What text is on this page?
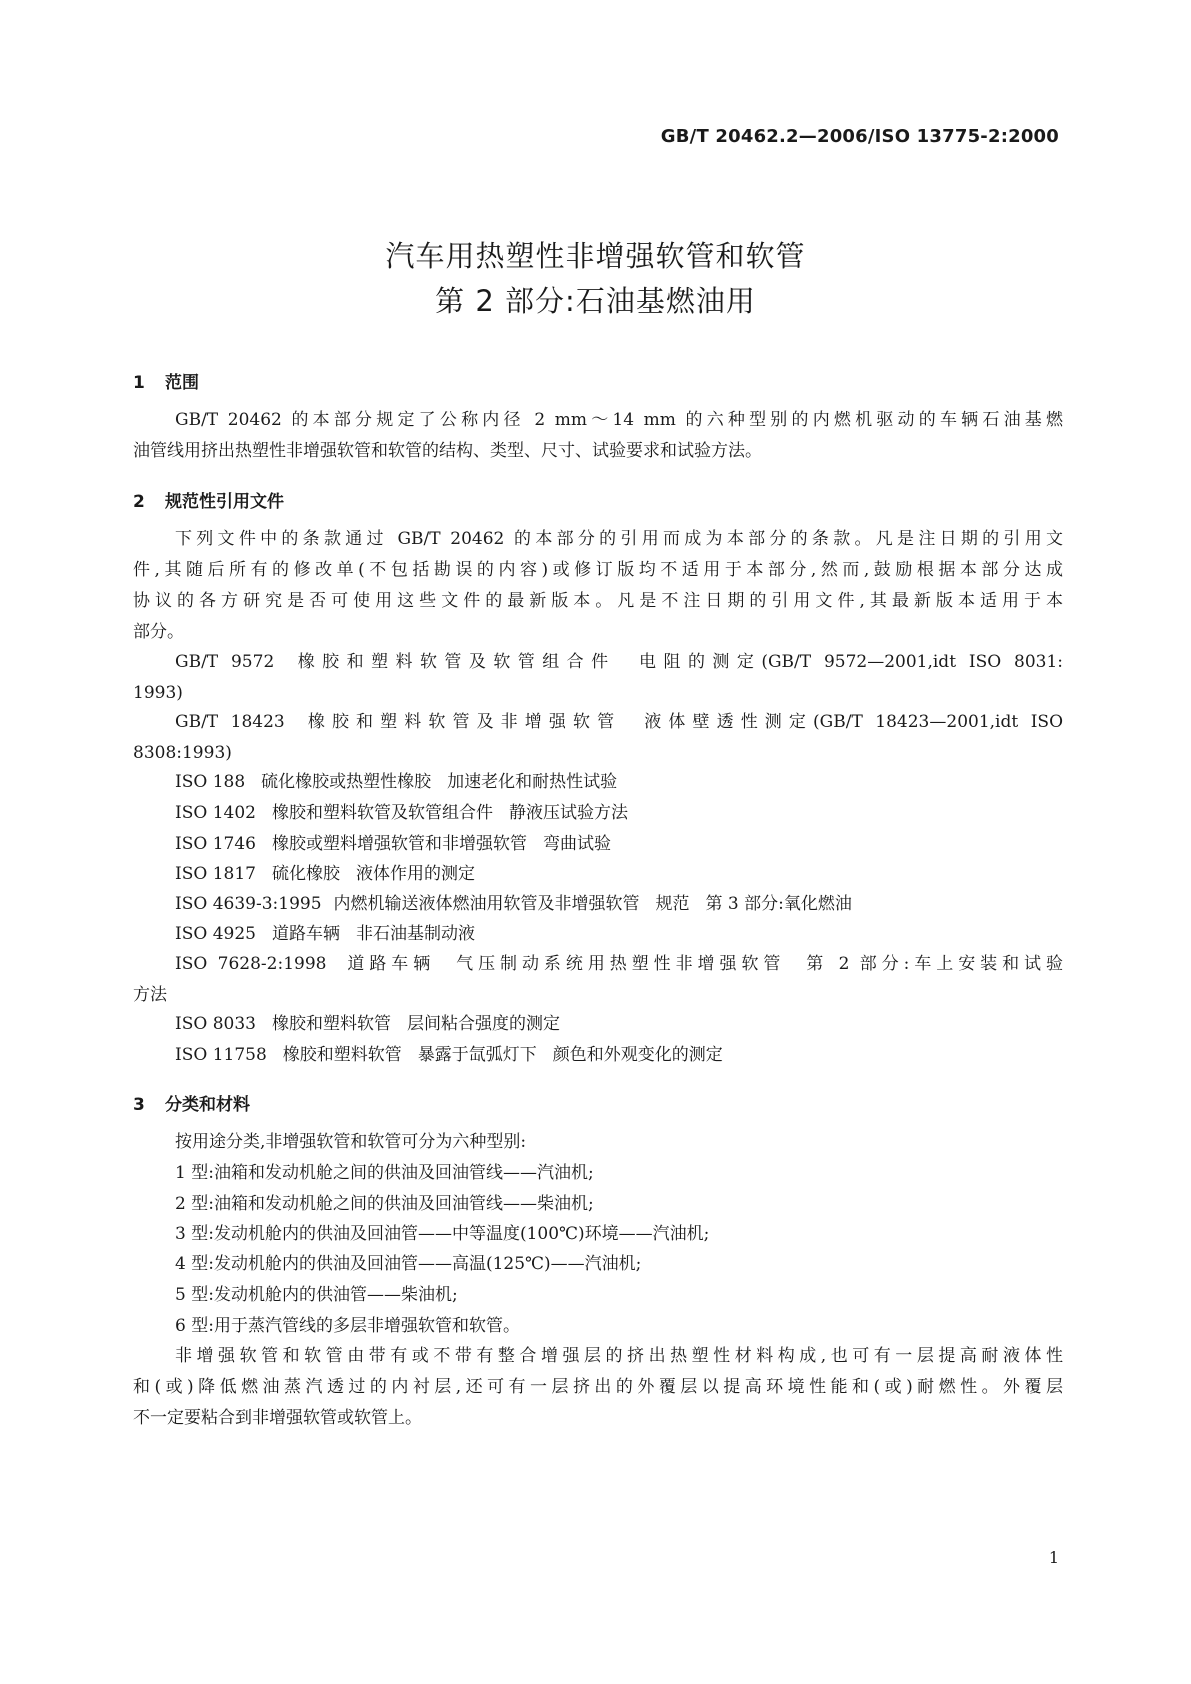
GB/T 20462.2—2006/ISO 13775-2:2000
汽车用热塑性非增强软管和软管
第 2 部分:石油基燃油用
1 范围
GB/T 20462 的本部分规定了公称内径 2 mm～14 mm 的六种型别的内燃机驱动的车辆石油基燃
油管线用挤出热塑性非增强软管和软管的结构、类型、尺寸、试验要求和试验方法。
2 规范性引用文件
下列文件中的条款通过 GB/T 20462 的本部分的引用而成为本部分的条款。凡是注日期的引用文
件,其随后所有的修改单(不包括勘误的内容)或修订版均不适用于本部分,然而,鼓励根据本部分达成
协议的各方研究是否可使用这些文件的最新版本。凡是不注日期的引用文件,其最新版本适用于本
部分。
GB/T 9572 橡胶和塑料软管及软管组合件 电阻的测定(GB/T 9572—2001,idt ISO 8031:
1993)
GB/T 18423 橡胶和塑料软管及非增强软管 液体壁透性测定(GB/T 18423—2001,idt ISO
8308:1993)
ISO 188 硫化橡胶或热塑性橡胶 加速老化和耐热性试验
ISO 1402 橡胶和塑料软管及软管组合件 静液压试验方法
ISO 1746 橡胶或塑料增强软管和非增强软管 弯曲试验
ISO 1817 硫化橡胶 液体作用的测定
ISO 4639-3:1995 内燃机输送液体燃油用软管及非增强软管 规范 第 3 部分:氧化燃油
ISO 4925 道路车辆 非石油基制动液
ISO 7628-2:1998 道路车辆 气压制动系统用热塑性非增强软管 第 2 部分:车上安装和试验
方法
ISO 8033 橡胶和塑料软管 层间粘合强度的测定
ISO 11758 橡胶和塑料软管 暴露于氙弧灯下 颜色和外观变化的测定
3 分类和材料
按用途分类,非增强软管和软管可分为六种型别:
1 型:油箱和发动机舱之间的供油及回油管线——汽油机;
2 型:油箱和发动机舱之间的供油及回油管线——柴油机;
3 型:发动机舱内的供油及回油管——中等温度(100℃)环境——汽油机;
4 型:发动机舱内的供油及回油管——高温(125℃)——汽油机;
5 型:发动机舱内的供油管——柴油机;
6 型:用于蒸汽管线的多层非增强软管和软管。
非增强软管和软管由带有或不带有整合增强层的挤出热塑性材料构成,也可有一层提高耐液体性
和(或)降低燃油蒸汽透过的内衬层,还可有一层挤出的外覆层以提高环境性能和(或)耐燃性。外覆层
不一定要粘合到非增强软管或软管上。
1
